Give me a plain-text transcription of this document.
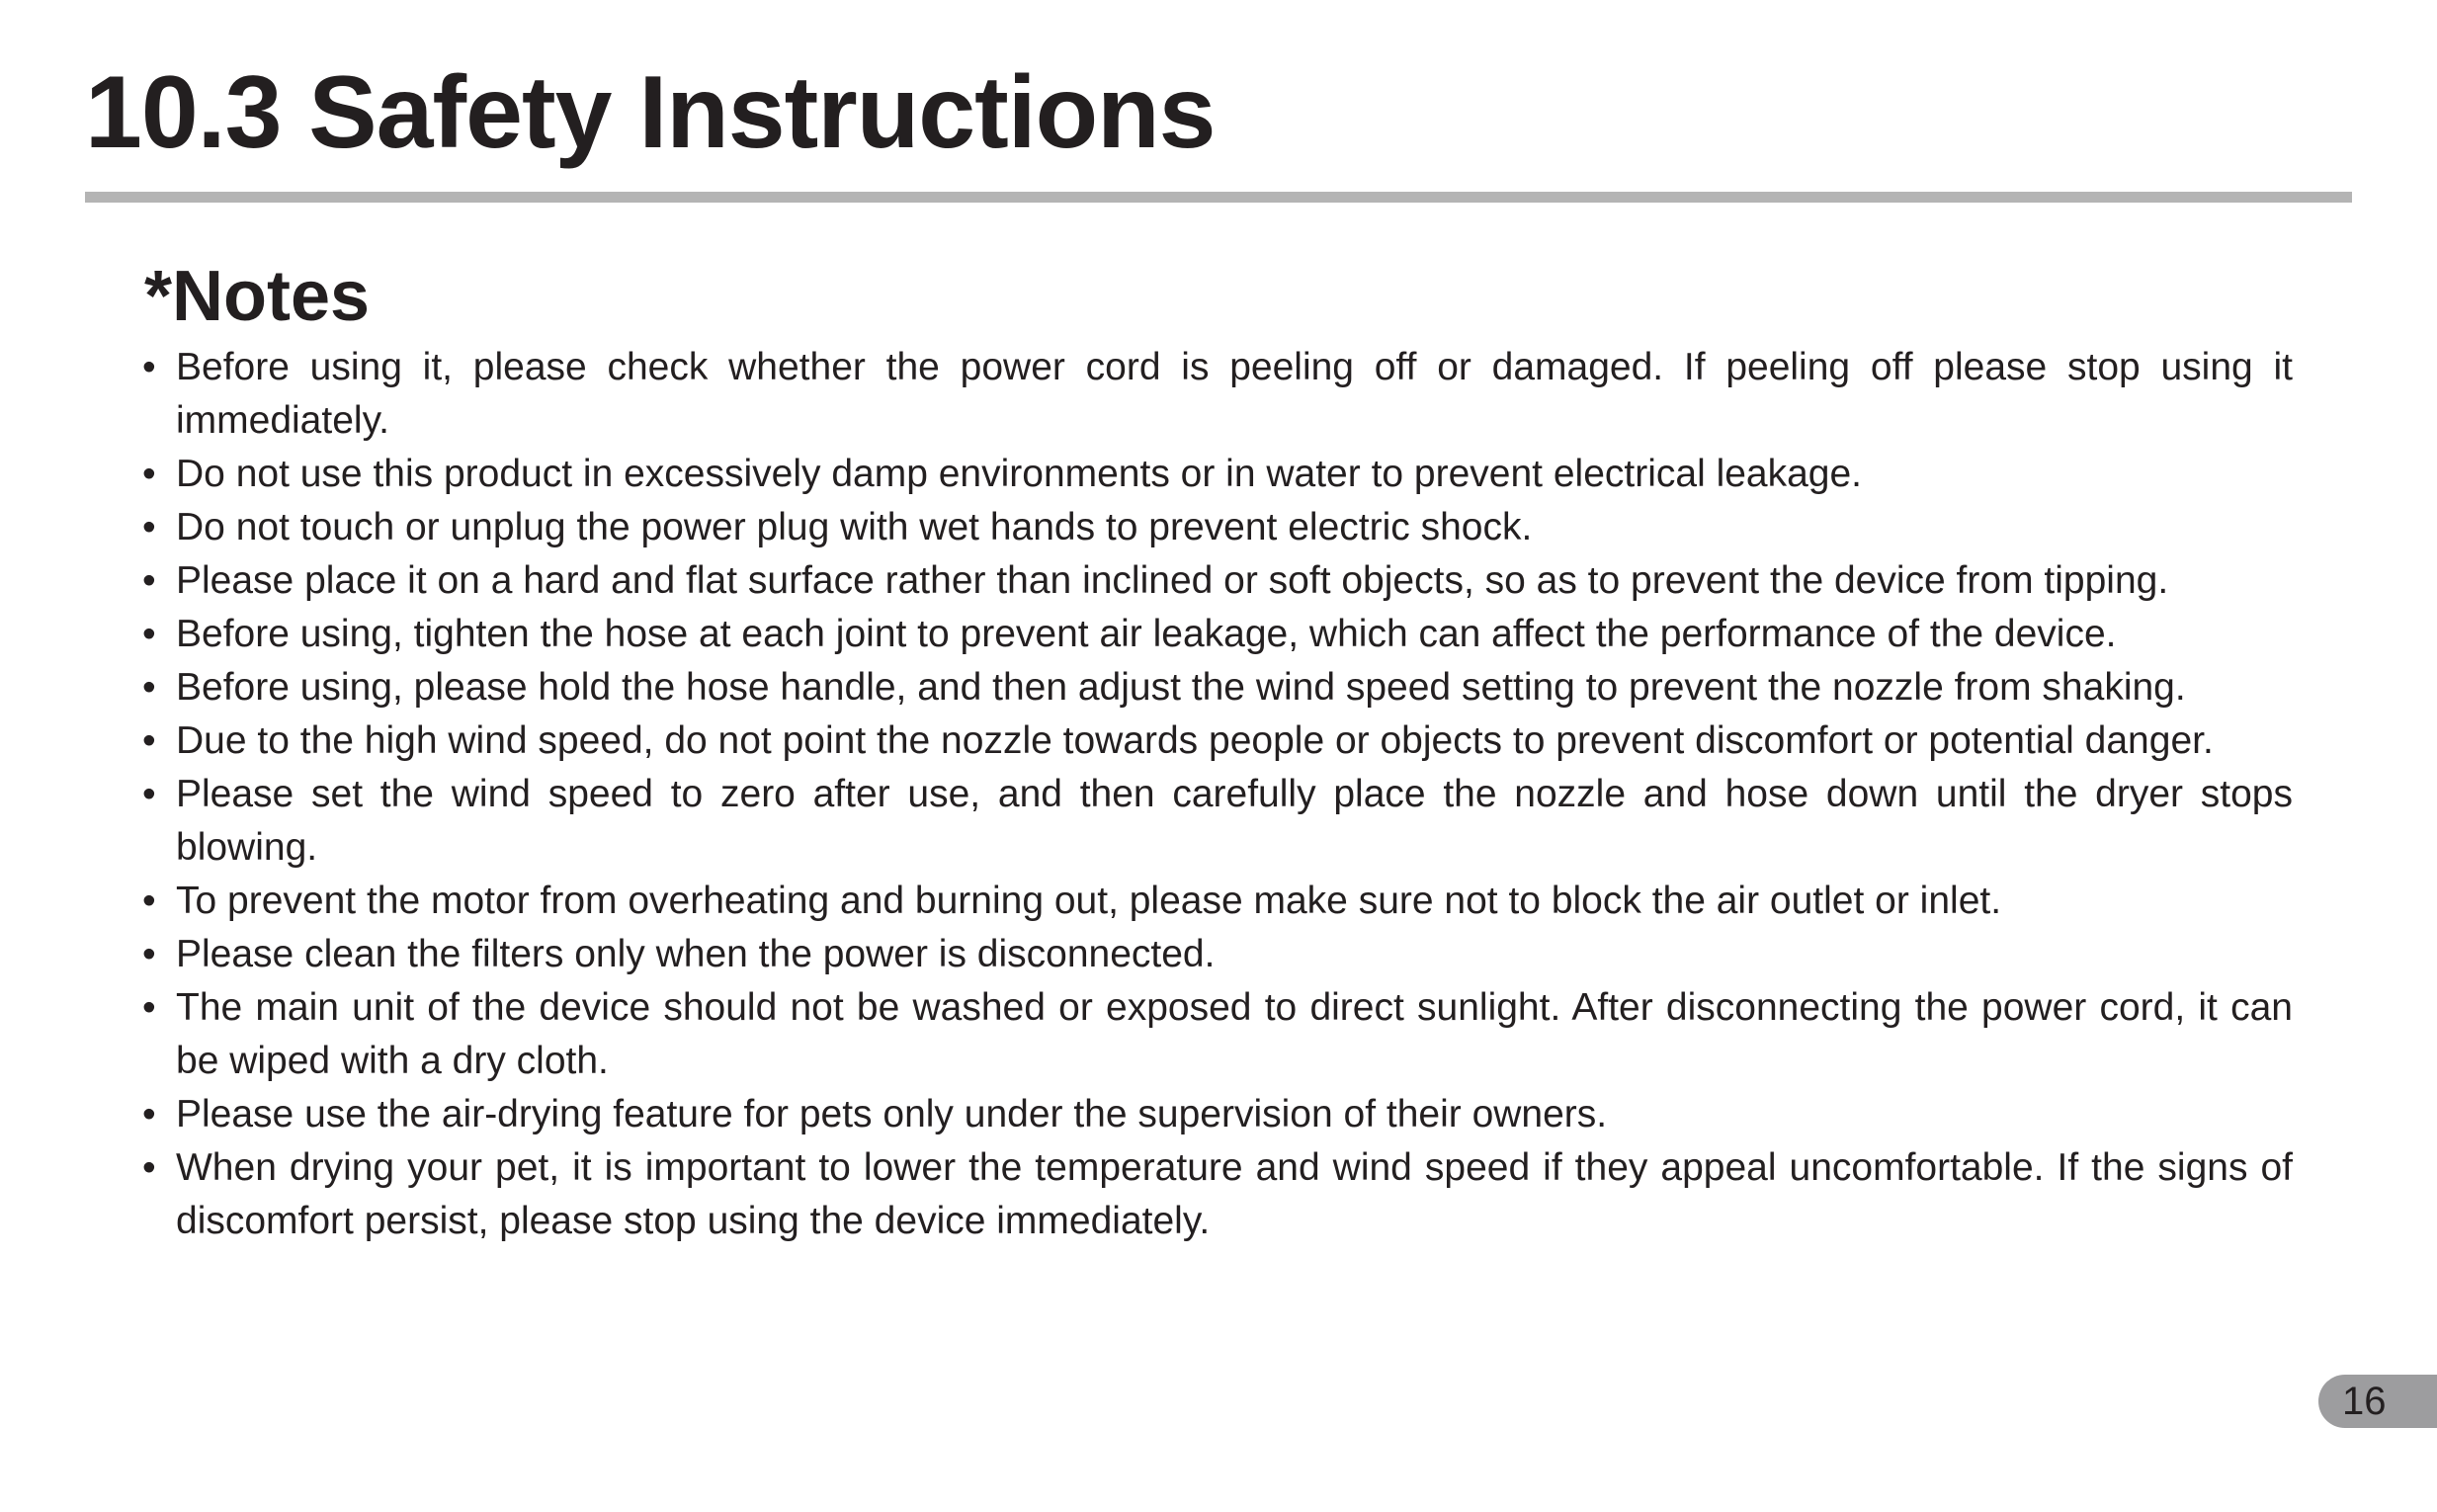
10.3 Safety Instructions
*Notes
• Before using it, please check whether the power cord is peeling off or damaged. If peeling off please stop using it immediately.
• Do not use this product in excessively damp environments or in water to prevent electrical leakage.
• Do not touch or unplug the power plug with wet hands to prevent electric shock.
• Please place it on a hard and flat surface rather than inclined or soft objects, so as to prevent the device from tipping.
• Before using, tighten the hose at each joint to prevent air leakage, which can affect the performance of the device.
• Before using, please hold the hose handle, and then adjust the wind speed setting to prevent the nozzle from shaking.
• Due to the high wind speed, do not point the nozzle towards people or objects to prevent discomfort or potential danger.
• Please set the wind speed to zero after use, and then carefully place the nozzle and hose down until the dryer stops blowing.
• To prevent the motor from overheating and burning out, please make sure not to block the air outlet or inlet.
• Please clean the filters only when the power is disconnected.
• The main unit of the device should not be washed or exposed to direct sunlight. After disconnecting the power cord, it can be wiped with a dry cloth.
• Please use the air-drying feature for pets only under the supervision of their owners.
• When drying your pet, it is important to lower the temperature and wind speed if they appeal uncomfortable. If the signs of discomfort persist, please stop using the device immediately.
16
